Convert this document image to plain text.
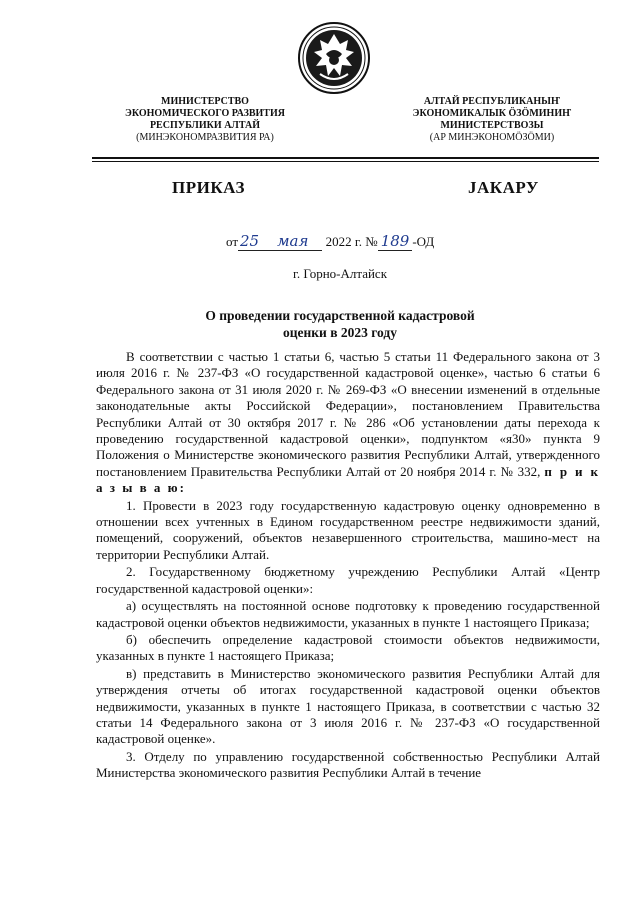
МИНИСТЕРСТВО
ЭКОНОМИЧЕСКОГО РАЗВИТИЯ
РЕСПУБЛИКИ АЛТАЙ
(МИНЭКОНОМРАЗВИТИЯ РА)
АЛТАЙ РЕСПУБЛИКАНЫҤ
ЭКОНОМИКАЛЫК ӦЗӦМИНИҤ
МИНИСТЕРСТВОЗЫ
(АР МИНЭКОНОМӦЗӦМИ)
ПРИКАЗ	JАКАРУ
от 25 мая 2022 г. № 189 -ОД
г. Горно-Алтайск
О проведении государственной кадастровой
оценки в 2023 году

В соответствии с частью 1 статьи 6, частью 5 статьи 11 Федерального закона от 3 июля 2016 г. № 237-ФЗ «О государственной кадастровой оценке», частью 6 статьи 6 Федерального закона от 31 июля 2020 г. № 269-ФЗ «О внесении изменений в отдельные законодательные акты Российской Федерации», постановлением Правительства Республики Алтай от 30 октября 2017 г. № 286 «Об установлении даты перехода к проведению государственной кадастровой оценки», подпунктом «я30» пункта 9 Положения о Министерстве экономического развития Республики Алтай, утвержденного постановлением Правительства Республики Алтай от 20 ноября 2014 г. № 332, п р и к а з ы в а ю:

1. Провести в 2023 году государственную кадастровую оценку одновременно в отношении всех учтенных в Едином государственном реестре недвижимости зданий, помещений, сооружений, объектов незавершенного строительства, машино-мест на территории Республики Алтай.

2. Государственному бюджетному учреждению Республики Алтай «Центр государственной кадастровой оценки»:

а) осуществлять на постоянной основе подготовку к проведению государственной кадастровой оценки объектов недвижимости, указанных в пункте 1 настоящего Приказа;

б) обеспечить определение кадастровой стоимости объектов недвижимости, указанных в пункте 1 настоящего Приказа;

в) представить в Министерство экономического развития Республики Алтай для утверждения отчеты об итогах государственной кадастровой оценки объектов недвижимости, указанных в пункте 1 настоящего Приказа, в соответствии с частью 32 статьи 14 Федерального закона от 3 июля 2016 г. № 237-ФЗ «О государственной кадастровой оценке».

3. Отделу по управлению государственной собственностью Республики Алтай Министерства экономического развития Республики Алтай в течение
